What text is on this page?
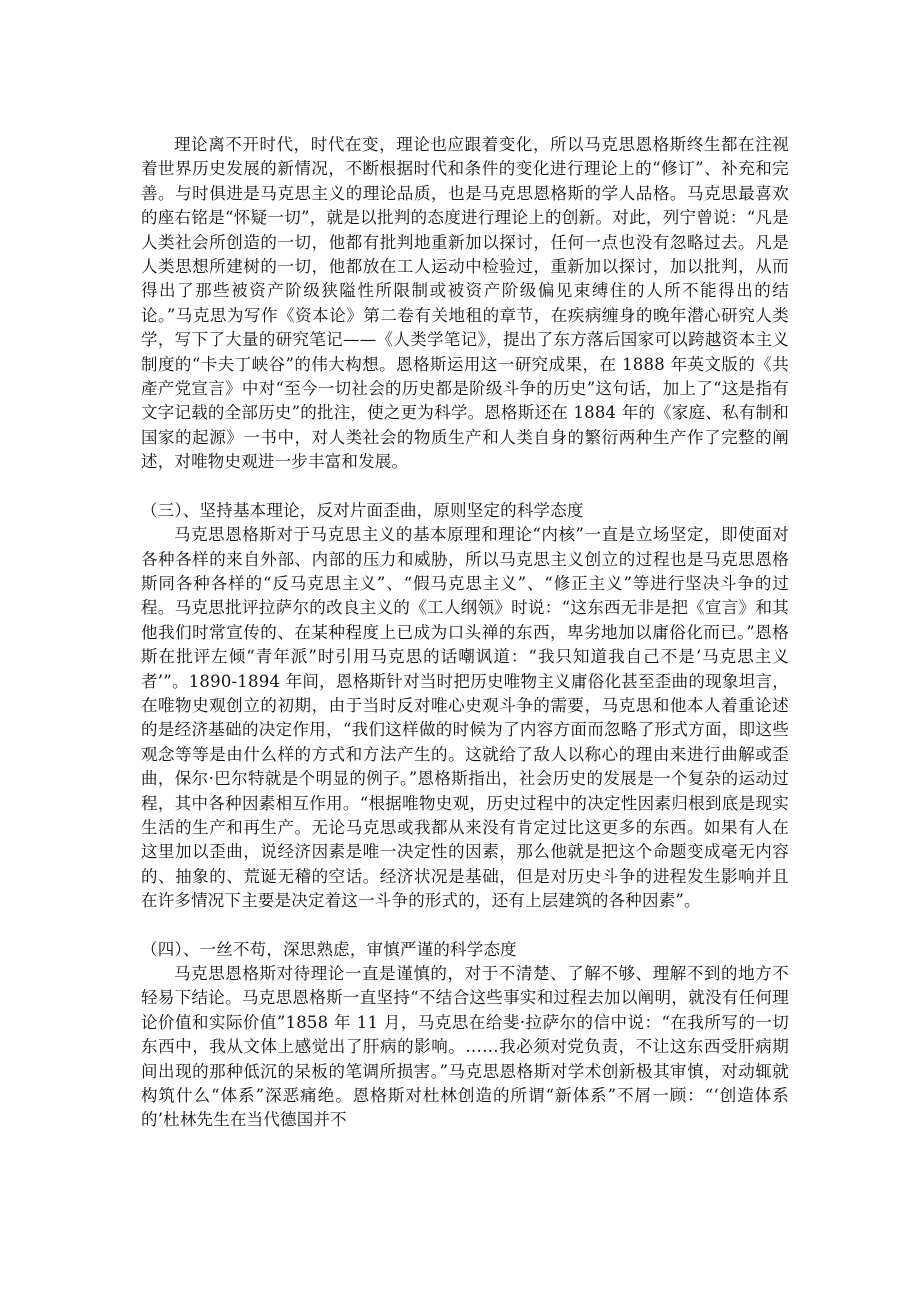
理论离不开时代，时代在变，理论也应跟着变化，所以马克思恩格斯终生都在注视着世界历史发展的新情况，不断根据时代和条件的变化进行理论上的“修订”、补充和完善。与时俱进是马克思主义的理论品质，也是马克思恩格斯的学人品格。马克思最喜欢的座右铭是“怀疑一切”，就是以批判的态度进行理论上的创新。对此，列宁曾说：“凡是人类社会所创造的一切，他都有批判地重新加以探讨，任何一点也没有忽略过去。凡是人类思想所建树的一切，他都放在工人运动中检验过，重新加以探讨，加以批判，从而得出了那些被资产阶级狭隘性所限制或被资产阶级偏见束缚住的人所不能得出的结论。”马克思为写作《资本论》第二卷有关地租的章节，在疾病缠身的晚年潜心研究人类学，写下了大量的研究笔记——《人类学笔记》，提出了东方落后国家可以跨越资本主义制度的“卡夫丁峡谷”的伟大构想。恩格斯运用这一研究成果，在 1888 年英文版的《共產产党宣言》中对“至今一切社会的历史都是阶级斗争的历史”这句话，加上了“这是指有文字记载的全部历史”的批注，使之更为科学。恩格斯还在 1884 年的《家庭、私有制和国家的起源》一书中，对人类社会的物质生产和人类自身的繁衍两种生产作了完整的阐述，对唯物史观进一步丰富和发展。

（三）、坚持基本理论，反对片面歪曲，原则坚定的科学态度

马克思恩格斯对于马克思主义的基本原理和理论“内核”一直是立场坚定，即使面对各种各样的来自外部、内部的压力和威胁，所以马克思主义创立的过程也是马克思恩格斯同各种各样的“反马克思主义”、“假马克思主义”、“修正主义”等进行坚决斗争的过程。马克思批评拉萨尔的改良主义的《工人纲领》时说：“这东西无非是把《宣言》和其他我们时常宣传的、在某种程度上已成为口头禅的东西，卑劣地加以庸俗化而已。”恩格斯在批评左倾“青年派”时引用马克思的话嘲讽道：“我只知道我自己不是‘马克思主义者’”。1890-1894 年间，恩格斯针对当时把历史唯物主义庸俗化甚至歪曲的现象坦言，在唯物史观创立的初期，由于当时反对唯心史观斗争的需要，马克思和他本人着重论述的是经济基础的决定作用，“我们这样做的时候为了内容方面而忽略了形式方面，即这些观念等等是由什么样的方式和方法产生的。这就给了敌人以称心的理由来进行曲解或歪曲，保尔·巴尔特就是个明显的例子。”恩格斯指出，社会历史的发展是一个复杂的运动过程，其中各种因素相互作用。“根据唯物史观，历史过程中的决定性因素归根到底是现实生活的生产和再生产。无论马克思或我都从来没有肯定过比这更多的东西。如果有人在这里加以歪曲，说经济因素是唯一决定性的因素，那么他就是把这个命题变成毫无内容的、抽象的、荒诞无稽的空话。经济状况是基础，但是对历史斗争的进程发生影响并且在许多情况下主要是决定着这一斗争的形式的，还有上层建筑的各种因素”。

（四）、一丝不苟，深思熟虑，审慎严谨的科学态度

马克思恩格斯对待理论一直是谨慎的，对于不清楚、了解不够、理解不到的地方不轻易下结论。马克思恩格斯一直坚持“不结合这些事实和过程去加以阐明，就没有任何理论价值和实际价值”1858 年 11 月，马克思在给斐·拉萨尔的信中说：“在我所写的一切东西中，我从文体上感觉出了肝病的影响。……我必须对党负责，不让这东西受肝病期间出现的那种低沉的呆板的笔调所损害。”马克思恩格斯对学术创新极其审慎，对动辄就构筑什么“体系”深恶痛绝。恩格斯对杜林创造的所谓“新体系”不屑一顾：“‘创造体系的’杜林先生在当代德国并不
